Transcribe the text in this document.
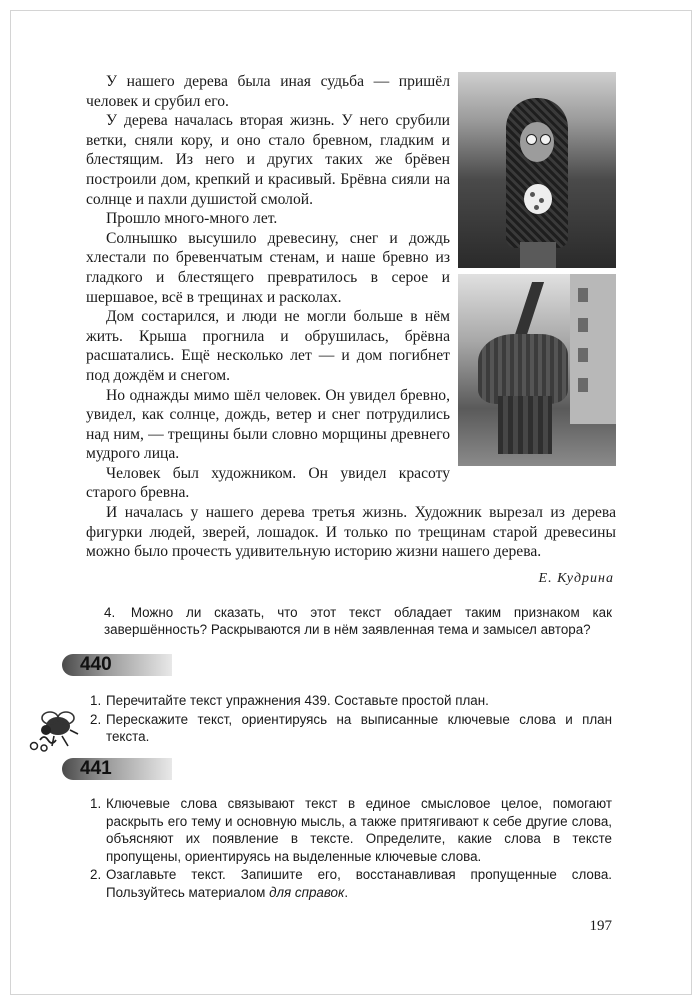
У нашего дерева была иная судьба — пришёл человек и срубил его.

У дерева началась вторая жизнь. У него срубили ветки, сняли кору, и оно стало бревном, гладким и блестящим. Из него и других таких же брёвен построили дом, крепкий и красивый. Брёвна сияли на солнце и пахли душистой смолой.

Прошло много-много лет.

Солнышко высушило древесину, снег и дождь хлестали по бревенчатым стенам, и наше бревно из гладкого и блестящего превратилось в серое и шершавое, всё в трещинах и расколах.

Дом состарился, и люди не могли больше в нём жить. Крыша прогнила и обрушилась, брёвна расшатались. Ещё несколько лет — и дом погибнет под дождём и снегом.

Но однажды мимо шёл человек. Он увидел бревно, увидел, как солнце, дождь, ветер и снег потрудились над ним, — трещины были словно морщины древнего мудрого лица.

Человек был художником. Он увидел красоту старого бревна.

И началась у нашего дерева третья жизнь. Художник вырезал из дерева фигурки людей, зверей, лошадок. И только по трещинам старой древесины можно было прочесть удивительную историю жизни нашего дерева.

Е. Кудрина
4. Можно ли сказать, что этот текст обладает таким признаком как завершённость? Раскрываются ли в нём заявленная тема и замысел автора?
440
1. Перечитайте текст упражнения 439. Составьте простой план.
2. Перескажите текст, ориентируясь на выписанные ключевые слова и план текста.
441
1. Ключевые слова связывают текст в единое смысловое целое, помогают раскрыть его тему и основную мысль, а также притягивают к себе другие слова, объясняют их появление в тексте. Определите, какие слова в тексте пропущены, ориентируясь на выделенные ключевые слова.
2. Озаглавьте текст. Запишите его, восстанавливая пропущенные слова. Пользуйтесь материалом для справок.
197
